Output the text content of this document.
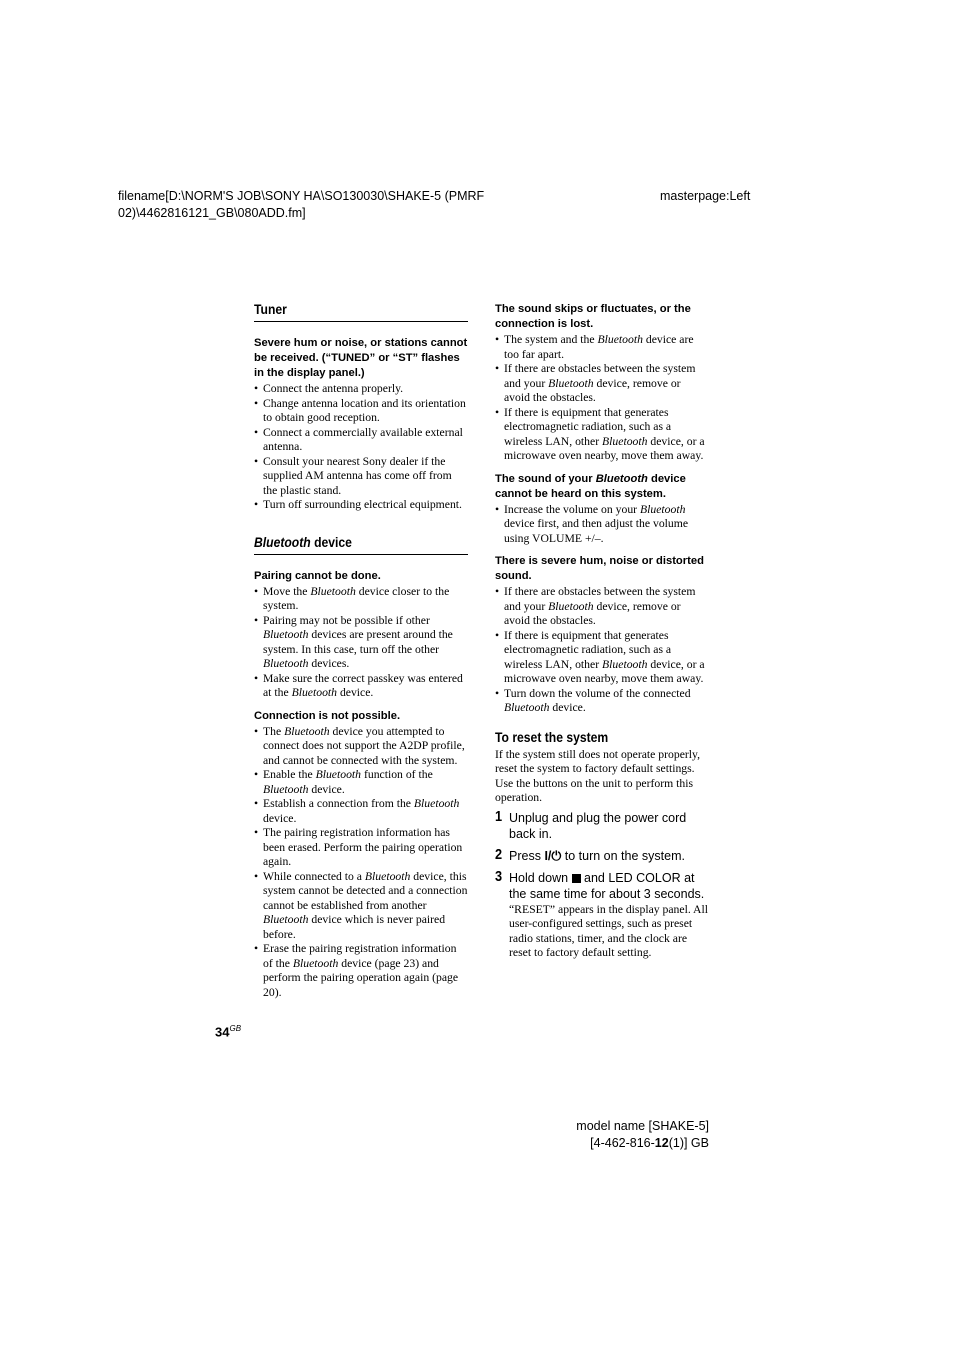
filename[D:\NORM'S JOB\SONY HA\SO130030\SHAKE-5 (PMRF
02)\4462816121_GB\080ADD.fm]
masterpage:Left
Tuner

Severe hum or noise, or stations cannot be received. (“TUNED” or “ST” flashes in the display panel.)

• Connect the antenna properly.
• Change antenna location and its orientation to obtain good reception.
• Connect a commercially available external antenna.
• Consult your nearest Sony dealer if the supplied AM antenna has come off from the plastic stand.
• Turn off surrounding electrical equipment.
Bluetooth device

Pairing cannot be done.

• Move the Bluetooth device closer to the system.
• Pairing may not be possible if other Bluetooth devices are present around the system. In this case, turn off the other Bluetooth devices.
• Make sure the correct passkey was entered at the Bluetooth device.

Connection is not possible.

• The Bluetooth device you attempted to connect does not support the A2DP profile, and cannot be connected with the system.
• Enable the Bluetooth function of the Bluetooth device.
• Establish a connection from the Bluetooth device.
• The pairing registration information has been erased. Perform the pairing operation again.
• While connected to a Bluetooth device, this system cannot be detected and a connection cannot be established from another Bluetooth device which is never paired before.
• Erase the pairing registration information of the Bluetooth device (page 23) and perform the pairing operation again (page 20).

The sound skips or fluctuates, or the connection is lost.

• The system and the Bluetooth device are too far apart.
• If there are obstacles between the system and your Bluetooth device, remove or avoid the obstacles.
• If there is equipment that generates electromagnetic radiation, such as a wireless LAN, other Bluetooth device, or a microwave oven nearby, move them away.

The sound of your Bluetooth device cannot be heard on this system.

• Increase the volume on your Bluetooth device first, and then adjust the volume using VOLUME +/–.

There is severe hum, noise or distorted sound.

• If there are obstacles between the system and your Bluetooth device, remove or avoid the obstacles.
• If there is equipment that generates electromagnetic radiation, such as a wireless LAN, other Bluetooth device, or a microwave oven nearby, move them away.
• Turn down the volume of the connected Bluetooth device.
To reset the system

If the system still does not operate properly, reset the system to factory default settings.

Use the buttons on the unit to perform this operation.

1 Unplug and plug the power cord back in.
2 Press I/⏻ to turn on the system.
3 Hold down  and LED COLOR at the same time for about 3 seconds.
“RESET” appears in the display panel. All user-configured settings, such as preset radio stations, timer, and the clock are reset to factory default setting.
$34^{GB}$
model name [SHAKE-5]
[4-462-816-12(1)] GB
